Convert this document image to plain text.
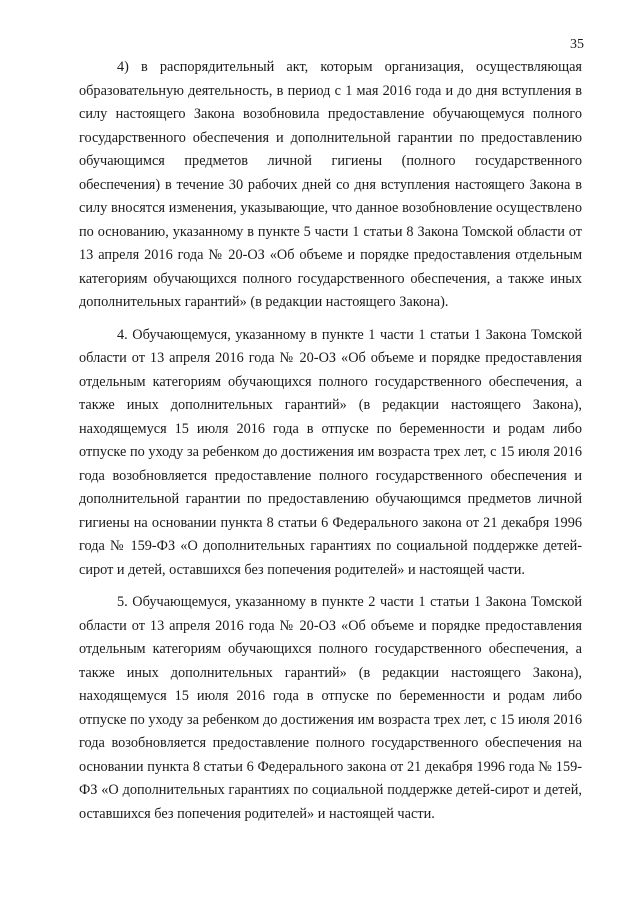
35

4) в распорядительный акт, которым организация, осуществляющая образовательную деятельность, в период с 1 мая 2016 года и до дня вступления в силу настоящего Закона возобновила предоставление обучающемуся полного государственного обеспечения и дополнительной гарантии по предоставлению обучающимся предметов личной гигиены (полного государственного обеспечения) в течение 30 рабочих дней со дня вступления настоящего Закона в силу вносятся изменения, указывающие, что данное возобновление осуществлено по основанию, указанному в пункте 5 части 1 статьи 8 Закона Томской области от 13 апреля 2016 года № 20-ОЗ «Об объеме и порядке предоставления отдельным категориям обучающихся полного государственного обеспечения, а также иных дополнительных гарантий» (в редакции настоящего Закона).

4. Обучающемуся, указанному в пункте 1 части 1 статьи 1 Закона Томской области от 13 апреля 2016 года № 20-ОЗ «Об объеме и порядке предоставления отдельным категориям обучающихся полного государственного обеспечения, а также иных дополнительных гарантий» (в редакции настоящего Закона), находящемуся 15 июля 2016 года в отпуске по беременности и родам либо отпуске по уходу за ребенком до достижения им возраста трех лет, с 15 июля 2016 года возобновляется предоставление полного государственного обеспечения и дополнительной гарантии по предоставлению обучающимся предметов личной гигиены на основании пункта 8 статьи 6 Федерального закона от 21 декабря 1996 года № 159-ФЗ «О дополнительных гарантиях по социальной поддержке детей-сирот и детей, оставшихся без попечения родителей» и настоящей части.

5. Обучающемуся, указанному в пункте 2 части 1 статьи 1 Закона Томской области от 13 апреля 2016 года № 20-ОЗ «Об объеме и порядке предоставления отдельным категориям обучающихся полного государственного обеспечения, а также иных дополнительных гарантий» (в редакции настоящего Закона), находящемуся 15 июля 2016 года в отпуске по беременности и родам либо отпуске по уходу за ребенком до достижения им возраста трех лет, с 15 июля 2016 года возобновляется предоставление полного государственного обеспечения на основании пункта 8 статьи 6 Федерального закона от 21 декабря 1996 года № 159-ФЗ «О дополнительных гарантиях по социальной поддержке детей-сирот и детей, оставшихся без попечения родителей» и настоящей части.
